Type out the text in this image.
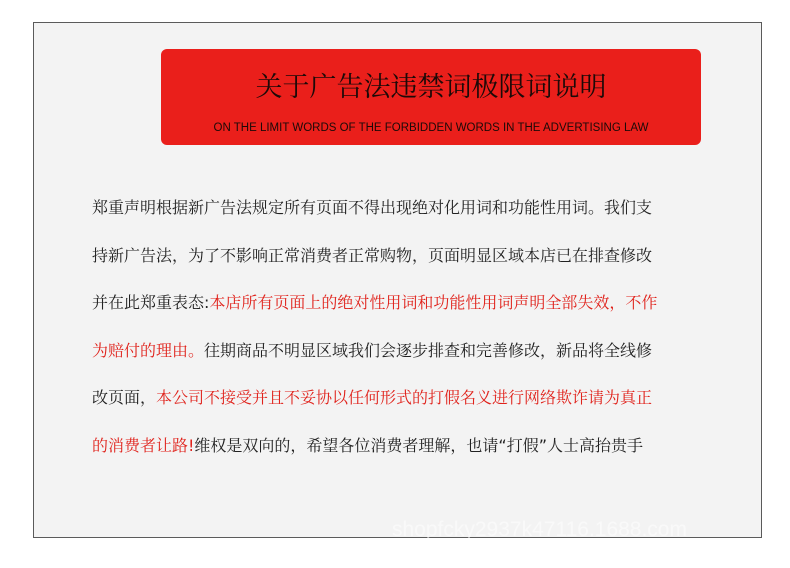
关于广告法违禁词极限词说明
ON THE LIMIT WORDS OF THE FORBIDDEN WORDS IN THE ADVERTISING LAW
郑重声明根据新广告法规定所有页面不得出现绝对化用词和功能性用词。我们支
持新广告法，为了不影响正常消费者正常购物，页面明显区域本店已在排查修改
并在此郑重表态:本店所有页面上的绝对性用词和功能性用词声明全部失效，不作
为赔付的理由。往期商品不明显区域我们会逐步排查和完善修改，新品将全线修
改页面，本公司不接受并且不妥协以任何形式的打假名义进行网络欺诈请为真正
的消费者让路!维权是双向的，希望各位消费者理解，也请“打假”人士高抬贵手
shopfcky2937k47116.1688.com
